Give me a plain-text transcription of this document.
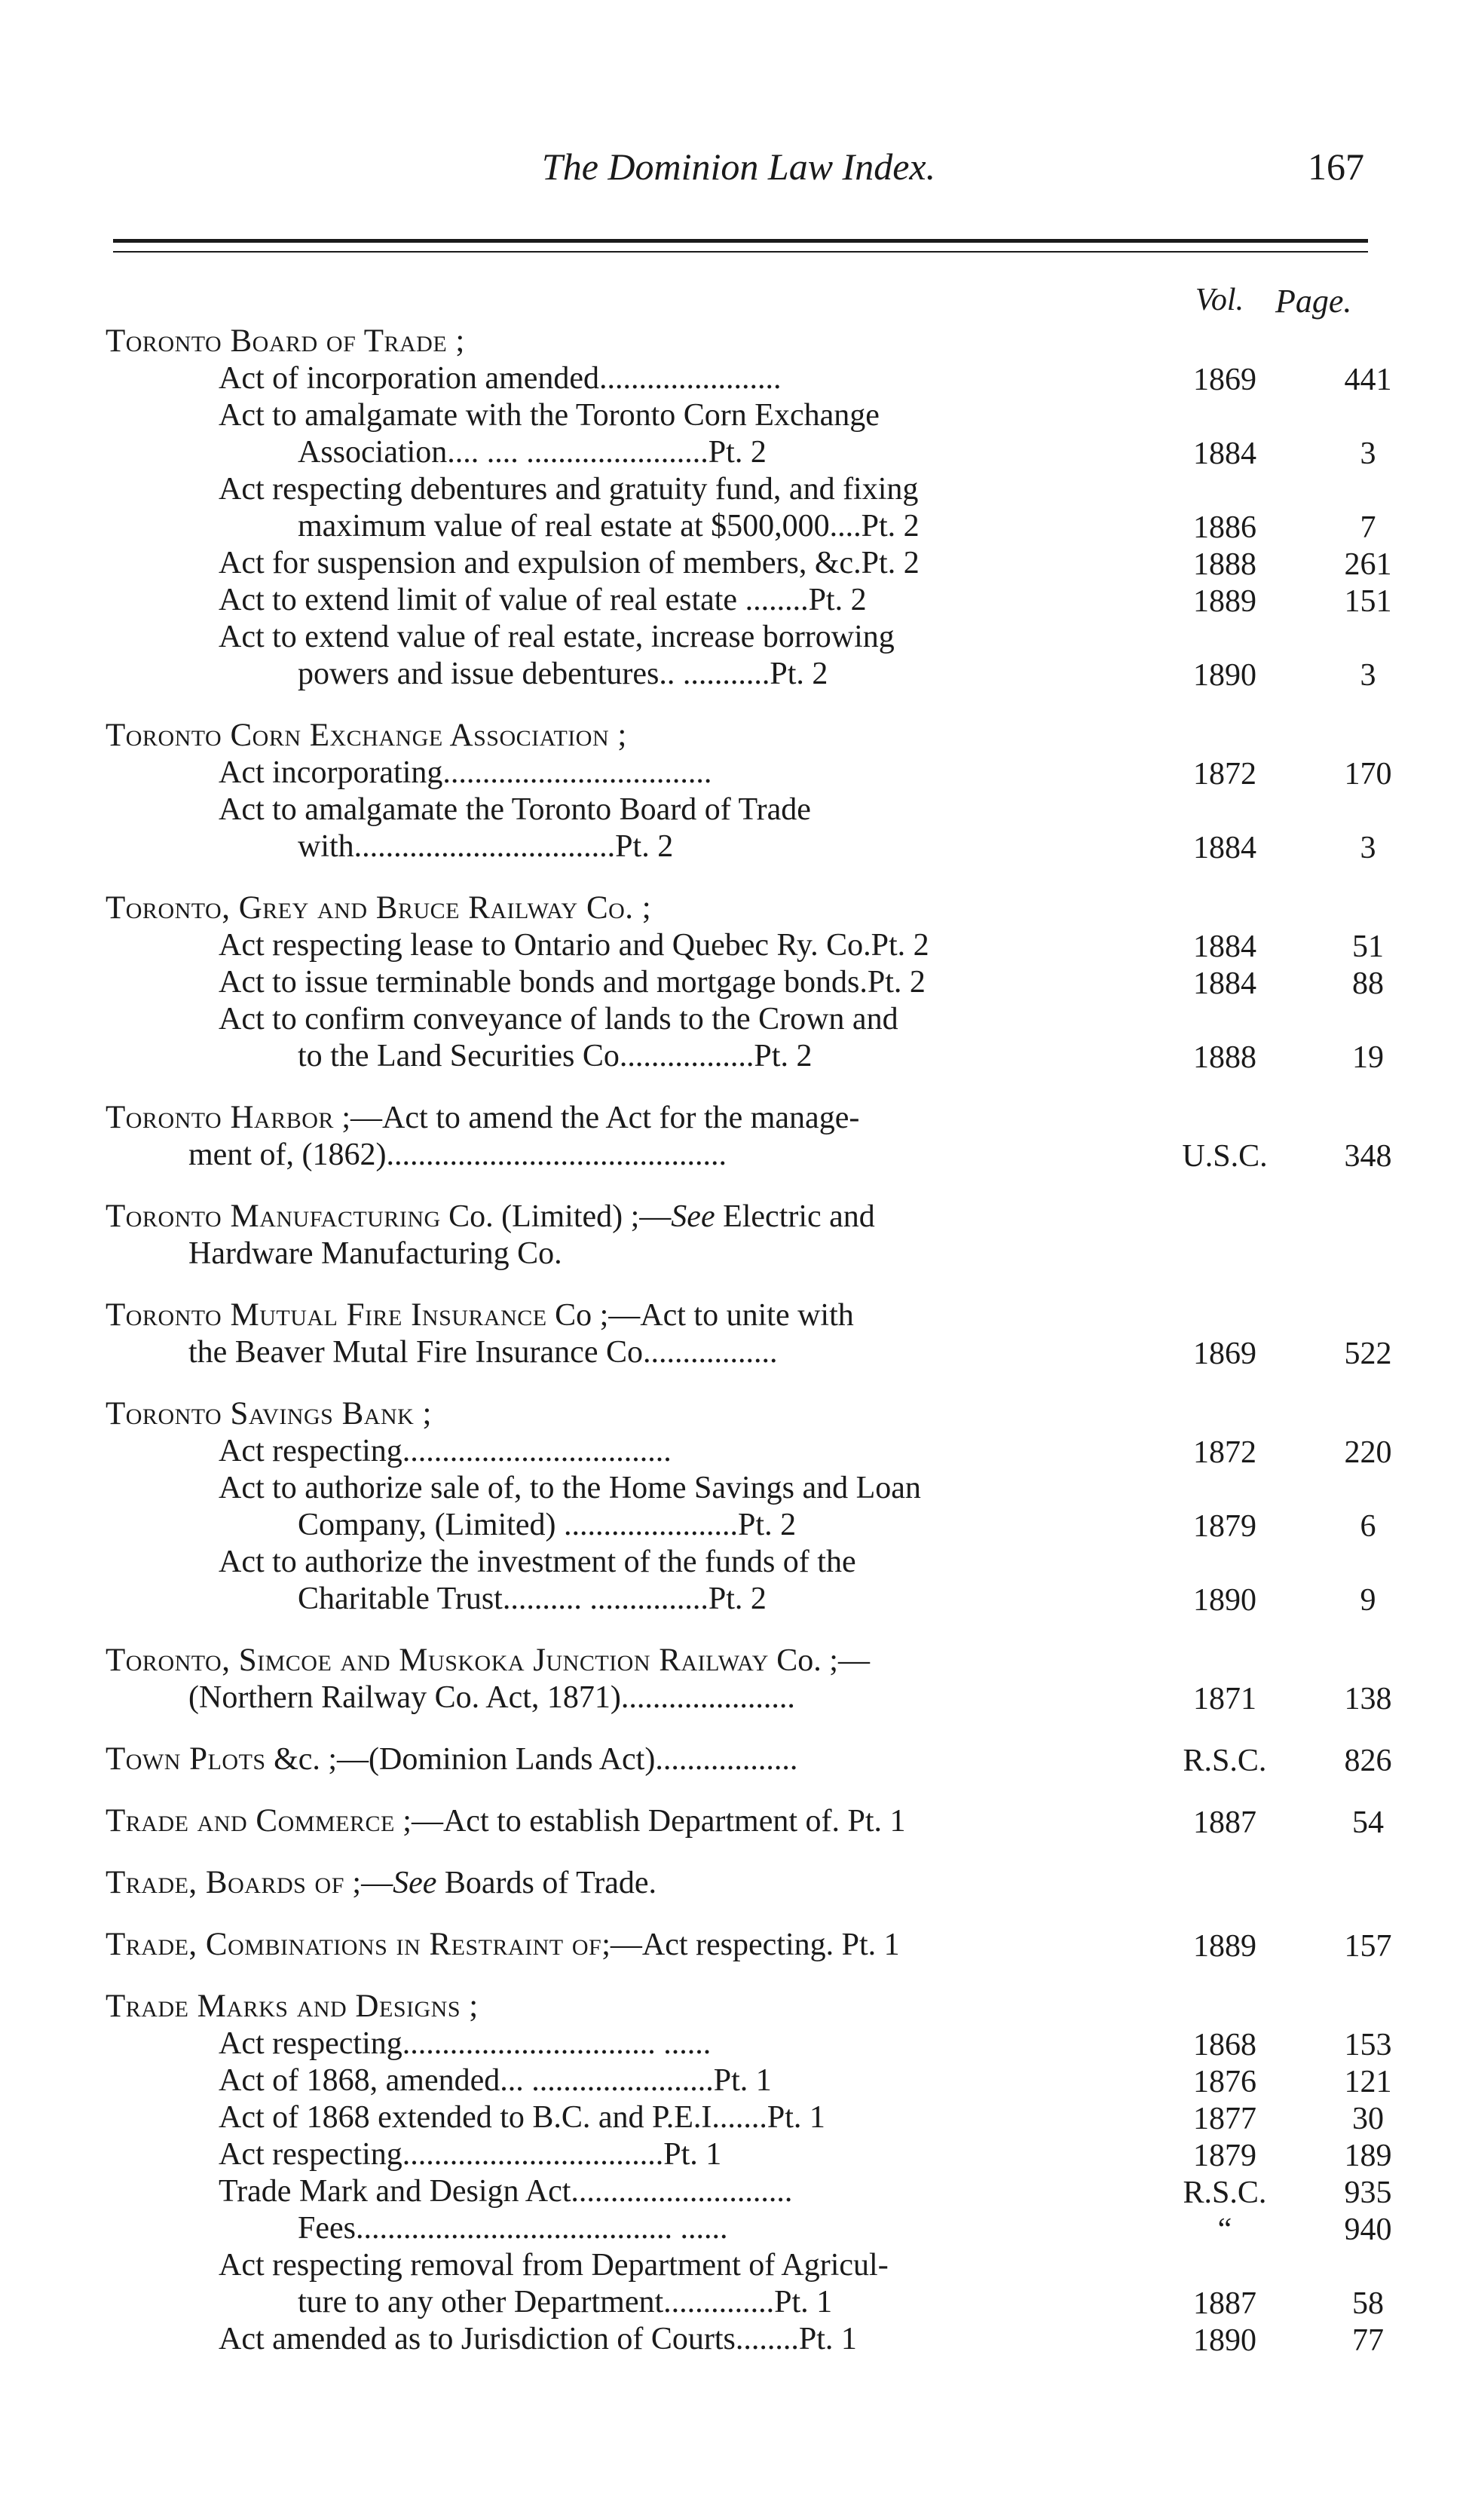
The Dominion Law Index.	167
Vol. Page.
Toronto Board of Trade ;
Act of incorporation amended.......................	1869	441
Act to amalgamate with the Toronto Corn Exchange
Association.... .... .......................Pt. 2	1884	3
Act respecting debentures and gratuity fund, and fixing
maximum value of real estate at $500,000....Pt. 2	1886	7
Act for suspension and expulsion of members, &c.Pt. 2	1888	261
Act to extend limit of value of real estate ........Pt. 2	1889	151
Act to extend value of real estate, increase borrowing
powers and issue debentures.. ...........Pt. 2	1890	3
Toronto Corn Exchange Association ;
Act incorporating..................................	1872	170
Act to amalgamate the Toronto Board of Trade
with.................................Pt. 2	1884	3
Toronto, Grey and Bruce Railway Co. ;
Act respecting lease to Ontario and Quebec Ry. Co.Pt. 2	1884	51
Act to issue terminable bonds and mortgage bonds.Pt. 2	1884	88
Act to confirm conveyance of lands to the Crown and
to the Land Securities Co.................Pt. 2	1888	19
Toronto Harbor ;—Act to amend the Act for the manage-
ment of, (1862)...........................................	U.S.C.	348
Toronto Manufacturing Co. (Limited) ;—See Electric and
Hardware Manufacturing Co.
Toronto Mutual Fire Insurance Co ;—Act to unite with
the Beaver Mutal Fire Insurance Co.................	1869	522
Toronto Savings Bank ;
Act respecting..................................	1872	220
Act to authorize sale of, to the Home Savings and Loan
Company, (Limited) ......................Pt. 2	1879	6
Act to authorize the investment of the funds of the
Charitable Trust.......... ...............Pt. 2	1890	9
Toronto, Simcoe and Muskoka Junction Railway Co. ;—
(Northern Railway Co. Act, 1871)......................	1871	138
Town Plots &c. ;—(Dominion Lands Act)..................	R.S.C.	826
Trade and Commerce ;—Act to establish Department of. Pt. 1	1887	54
Trade, Boards of ;—See Boards of Trade.
Trade, Combinations in Restraint of;—Act respecting. Pt. 1	1889	157
Trade Marks and Designs ;
Act respecting................................ ......	1868	153
Act of 1868, amended... .......................Pt. 1	1876	121
Act of 1868 extended to B.C. and P.E.I.......Pt. 1	1877	30
Act respecting.................................Pt. 1	1879	189
Trade Mark and Design Act............................	R.S.C.	935
Fees........................................ ......	“	940
Act respecting removal from Department of Agricul-
ture to any other Department..............Pt. 1	1887	58
Act amended as to Jurisdiction of Courts........Pt. 1	1890	77
